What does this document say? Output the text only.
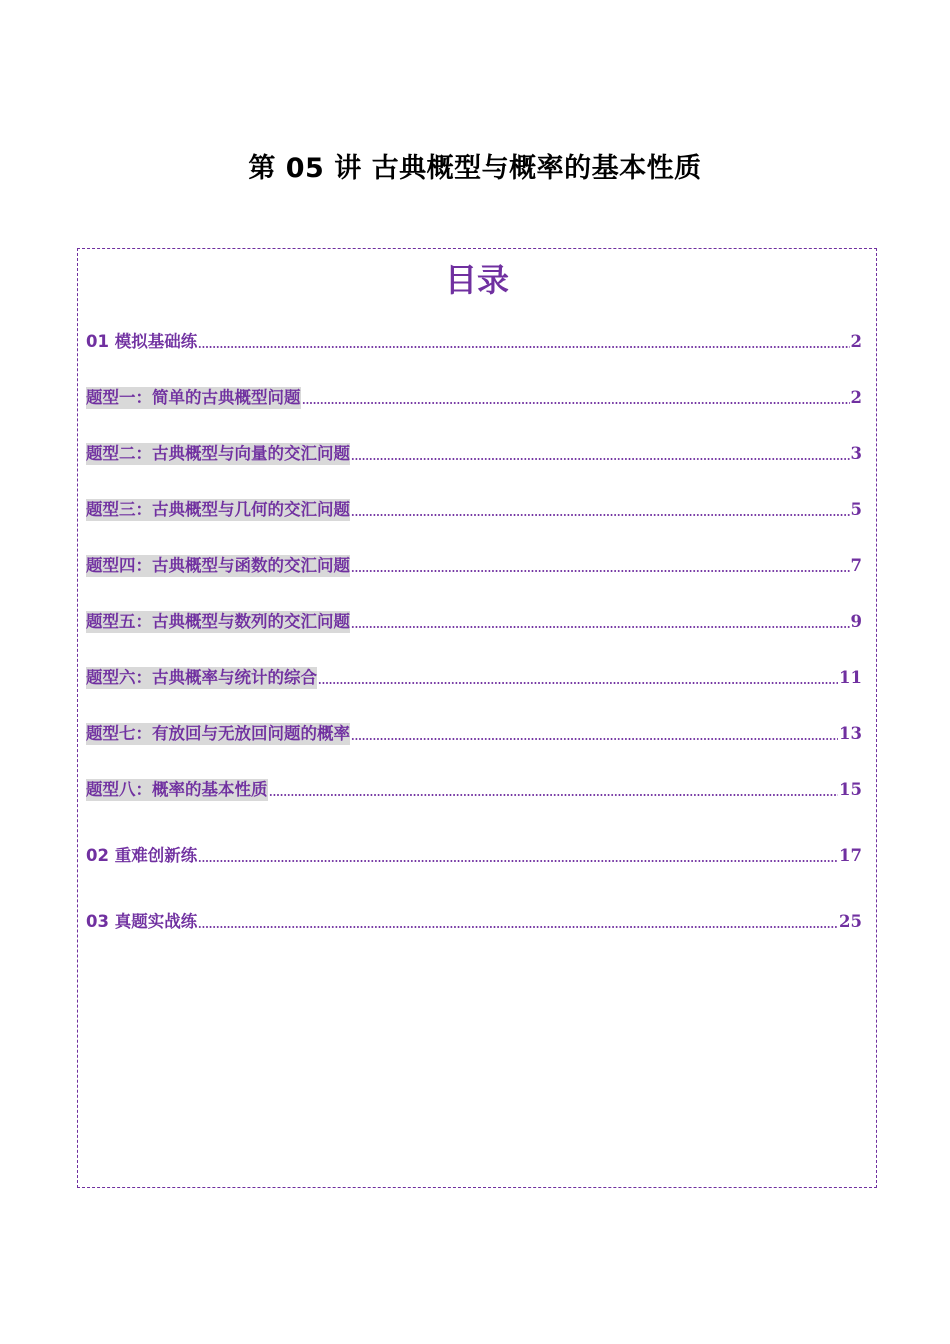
第 05 讲 古典概型与概率的基本性质
目录
01 模拟基础练	2
题型一：简单的古典概型问题	2
题型二：古典概型与向量的交汇问题	3
题型三：古典概型与几何的交汇问题	5
题型四：古典概型与函数的交汇问题	7
题型五：古典概型与数列的交汇问题	9
题型六：古典概率与统计的综合	11
题型七：有放回与无放回问题的概率	13
题型八：概率的基本性质	15
02 重难创新练	17
03 真题实战练	25
